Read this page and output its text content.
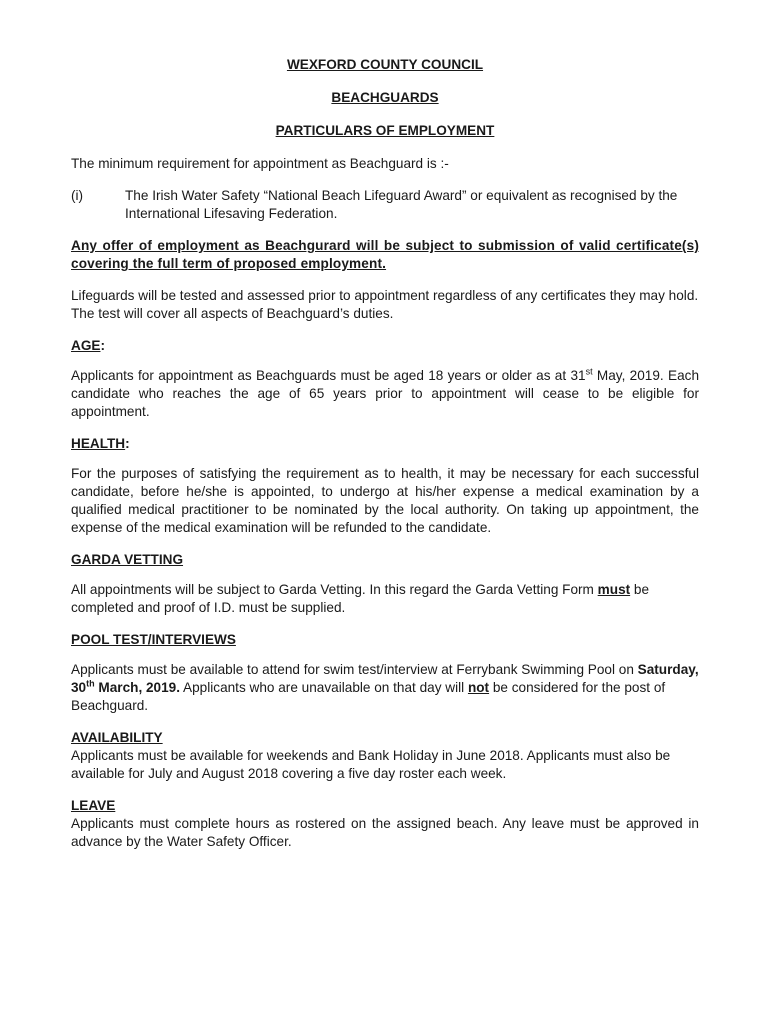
WEXFORD COUNTY COUNCIL
BEACHGUARDS
PARTICULARS OF EMPLOYMENT

The minimum requirement for appointment as Beachguard is :-

(i)	The Irish Water Safety “National Beach Lifeguard Award” or equivalent as recognised by the International Lifesaving Federation.
Any offer of employment as Beachgurard will be subject to submission of valid certificate(s) covering the full term of proposed employment.

Lifeguards will be tested and assessed prior to appointment regardless of any certificates they may hold. The test will cover all aspects of Beachguard’s duties.

AGE:

Applicants for appointment as Beachguards must be aged 18 years or older as at 31st May, 2019. Each candidate who reaches the age of 65 years prior to appointment will cease to be eligible for appointment.

HEALTH:

For the purposes of satisfying the requirement as to health, it may be necessary for each successful candidate, before he/she is appointed, to undergo at his/her expense a medical examination by a qualified medical practitioner to be nominated by the local authority. On taking up appointment, the expense of the medical examination will be refunded to the candidate.

GARDA VETTING

All appointments will be subject to Garda Vetting. In this regard the Garda Vetting Form must be completed and proof of I.D. must be supplied.

POOL TEST/INTERVIEWS

Applicants must be available to attend for swim test/interview at Ferrybank Swimming Pool on Saturday, 30th March, 2019. Applicants who are unavailable on that day will not be considered for the post of Beachguard.

AVAILABILITY

Applicants must be available for weekends and Bank Holiday in June 2018. Applicants must also be available for July and August 2018 covering a five day roster each week.

LEAVE

Applicants must complete hours as rostered on the assigned beach. Any leave must be approved in advance by the Water Safety Officer.
